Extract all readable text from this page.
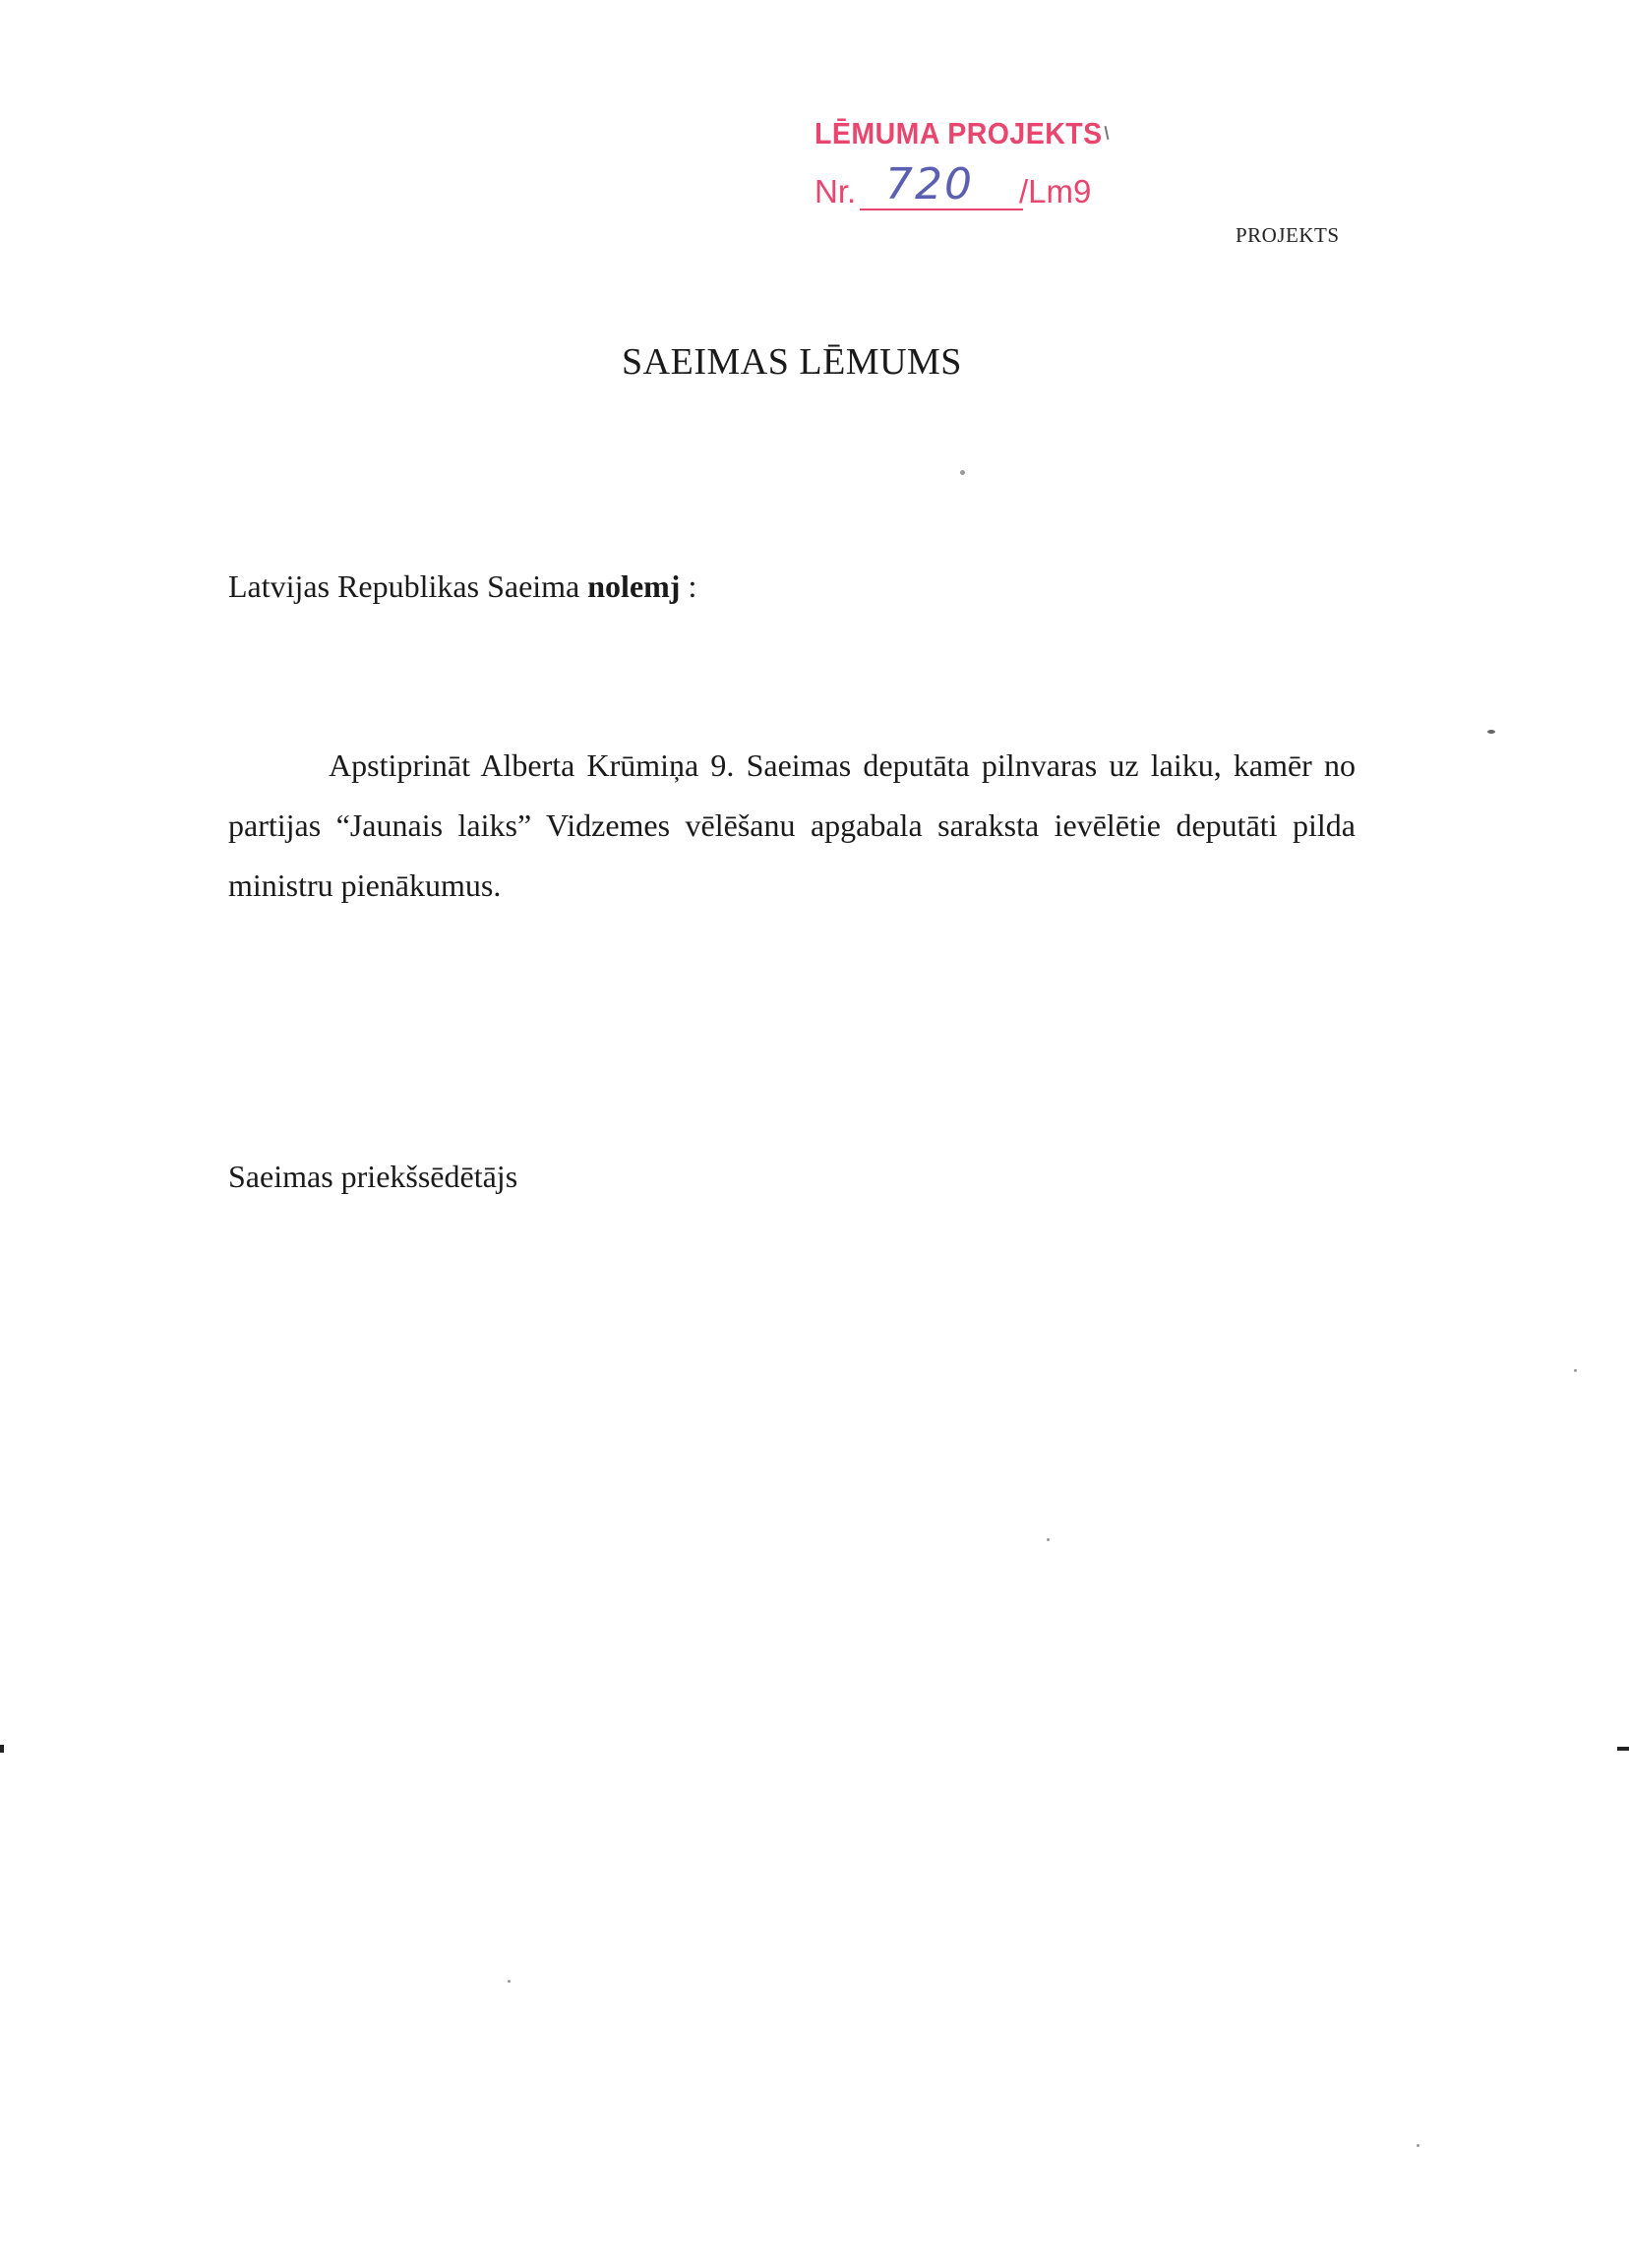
LĒMUMA PROJEKTS
Nr. 720 /Lm9
PROJEKTS
SAEIMAS LĒMUMS
Latvijas Republikas Saeima nolemj :
Apstiprināt Alberta Krūmiņa 9. Saeimas deputāta pilnvaras uz laiku, kamēr no partijas “Jaunais laiks” Vidzemes vēlēšanu apgabala saraksta ievēlētie deputāti pilda ministru pienākumus.
Saeimas priekšsēdētājs
